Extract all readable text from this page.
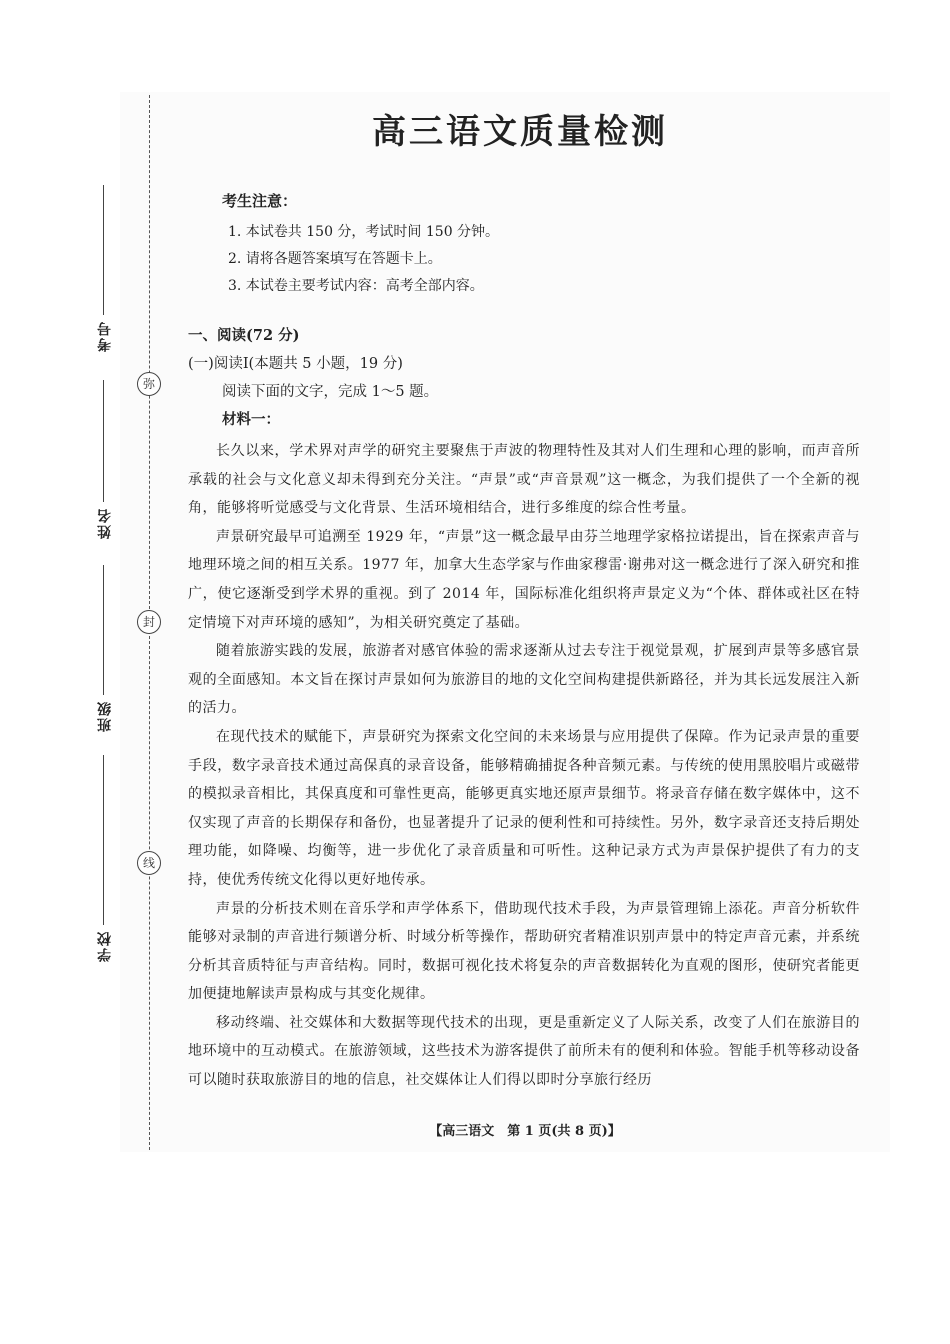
弥
封
线
考号
姓名
班级
学校
高三语文质量检测
考生注意：
1. 本试卷共 150 分，考试时间 150 分钟。
2. 请将各题答案填写在答题卡上。
3. 本试卷主要考试内容：高考全部内容。
一、阅读(72 分)
(一)阅读Ⅰ(本题共 5 小题，19 分)
阅读下面的文字，完成 1～5 题。
材料一：

长久以来，学术界对声学的研究主要聚焦于声波的物理特性及其对人们生理和心理的影响，而声音所承载的社会与文化意义却未得到充分关注。“声景”或“声音景观”这一概念，为我们提供了一个全新的视角，能够将听觉感受与文化背景、生活环境相结合，进行多维度的综合性考量。

声景研究最早可追溯至 1929 年，“声景”这一概念最早由芬兰地理学家格拉诺提出，旨在探索声音与地理环境之间的相互关系。1977 年，加拿大生态学家与作曲家穆雷·谢弗对这一概念进行了深入研究和推广，使它逐渐受到学术界的重视。到了 2014 年，国际标准化组织将声景定义为“个体、群体或社区在特定情境下对声环境的感知”，为相关研究奠定了基础。

随着旅游实践的发展，旅游者对感官体验的需求逐渐从过去专注于视觉景观，扩展到声景等多感官景观的全面感知。本文旨在探讨声景如何为旅游目的地的文化空间构建提供新路径，并为其长远发展注入新的活力。

在现代技术的赋能下，声景研究为探索文化空间的未来场景与应用提供了保障。作为记录声景的重要手段，数字录音技术通过高保真的录音设备，能够精确捕捉各种音频元素。与传统的使用黑胶唱片或磁带的模拟录音相比，其保真度和可靠性更高，能够更真实地还原声景细节。将录音存储在数字媒体中，这不仅实现了声音的长期保存和备份，也显著提升了记录的便利性和可持续性。另外，数字录音还支持后期处理功能，如降噪、均衡等，进一步优化了录音质量和可听性。这种记录方式为声景保护提供了有力的支持，使优秀传统文化得以更好地传承。

声景的分析技术则在音乐学和声学体系下，借助现代技术手段，为声景管理锦上添花。声音分析软件能够对录制的声音进行频谱分析、时域分析等操作，帮助研究者精准识别声景中的特定声音元素，并系统分析其音质特征与声音结构。同时，数据可视化技术将复杂的声音数据转化为直观的图形，使研究者能更加便捷地解读声景构成与其变化规律。

移动终端、社交媒体和大数据等现代技术的出现，更是重新定义了人际关系，改变了人们在旅游目的地环境中的互动模式。在旅游领域，这些技术为游客提供了前所未有的便利和体验。智能手机等移动设备可以随时获取旅游目的地的信息，社交媒体让人们得以即时分享旅行经历

【高三语文　第 1 页(共 8 页)】
